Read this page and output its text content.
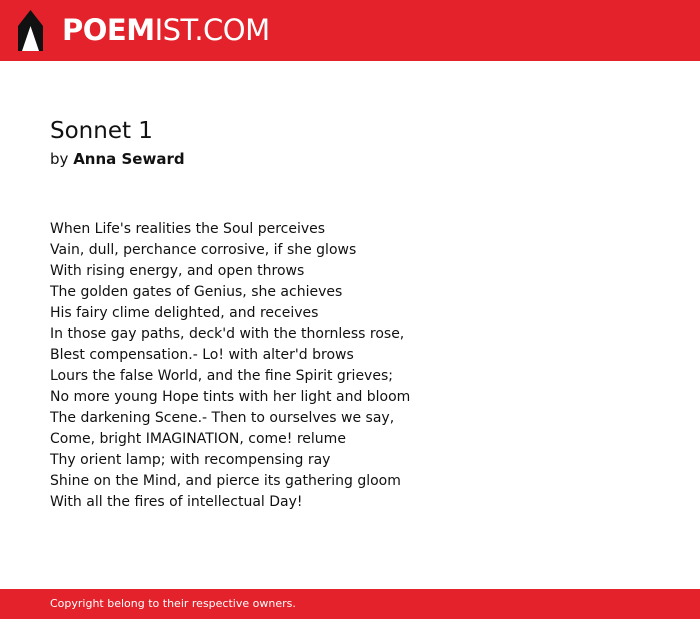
POEMIST.COM
Sonnet 1
by Anna Seward
When Life's realities the Soul perceives
Vain, dull, perchance corrosive, if she glows
With rising energy, and open throws
The golden gates of Genius, she achieves
His fairy clime delighted, and receives
In those gay paths, deck'd with the thornless rose,
Blest compensation.- Lo! with alter'd brows
Lours the false World, and the fine Spirit grieves;
No more young Hope tints with her light and bloom
The darkening Scene.- Then to ourselves we say,
Come, bright IMAGINATION, come! relume
Thy orient lamp; with recompensing ray
Shine on the Mind, and pierce its gathering gloom
With all the fires of intellectual Day!
Copyright belong to their respective owners.
